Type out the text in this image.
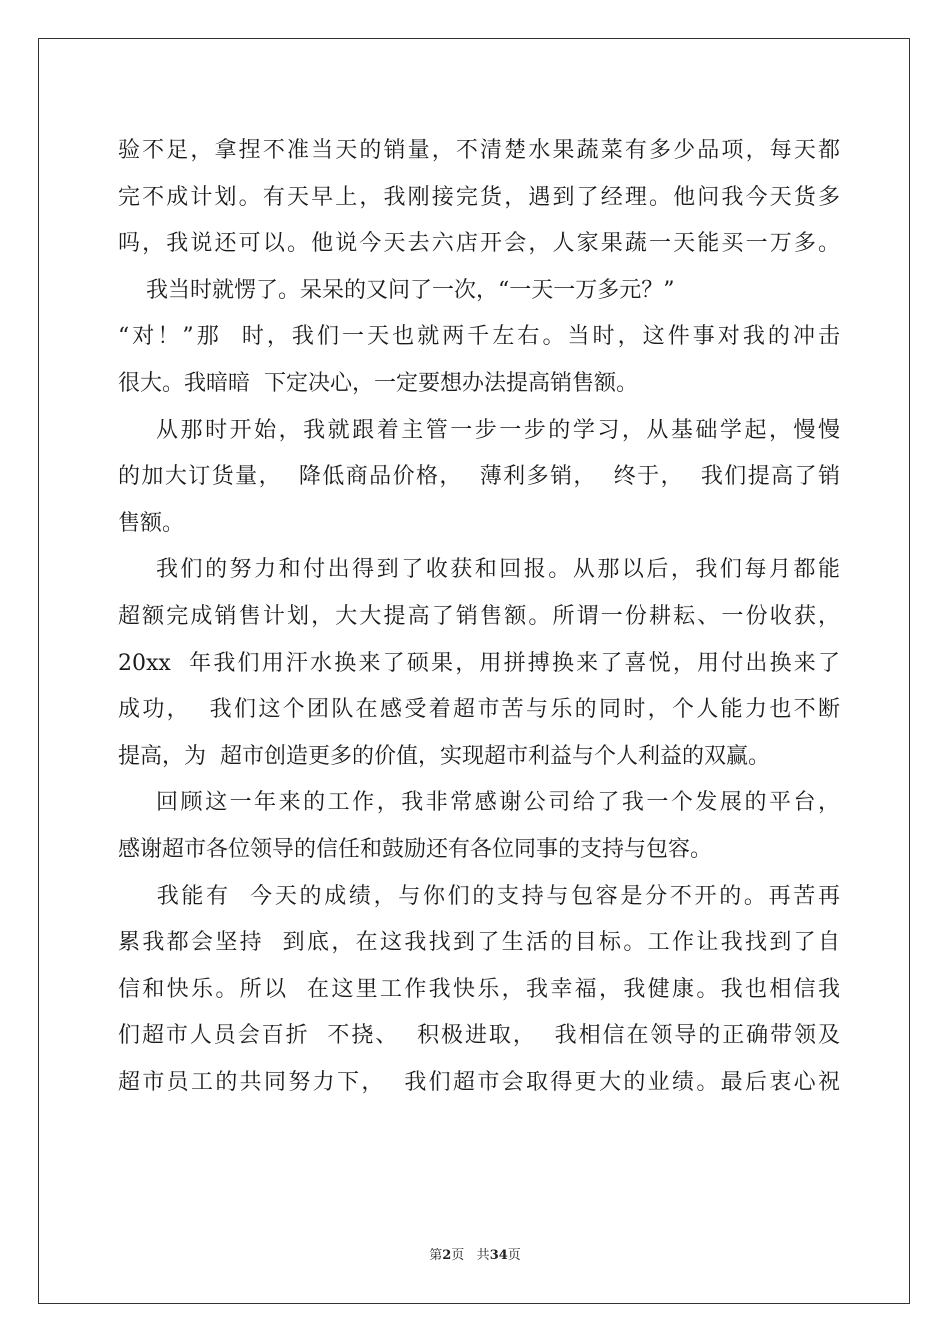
验不足，拿捏不准当天的销量，不清楚水果蔬菜有多少品项，每天都
完不成计划。有天早上，我刚接完货，遇到了经理。他问我今天货多
吗，我说还可以。他说今天去六店开会，人家果蔬一天能买一万多。
我当时就愣了。呆呆的又问了一次，“一天一万多元？”
“对！”那  时，我们一天也就两千左右。当时，这件事对我的冲击
很大。我暗暗  下定决心，一定要想办法提高销售额。
从那时开始，我就跟着主管一步一步的学习，从基础学起，慢慢
的加大订货量，  降低商品价格，  薄利多销，  终于，  我们提高了销
售额。
我们的努力和付出得到了收获和回报。从那以后，我们每月都能
超额完成销售计划，大大提高了销售额。所谓一份耕耘、一份收获，
20xx  年我们用汗水换来了硕果，用拼搏换来了喜悦，用付出换来了
成功，  我们这个团队在感受着超市苦与乐的同时，个人能力也不断
提高，为  超市创造更多的价值，实现超市利益与个人利益的双赢。
回顾这一年来的工作，我非常感谢公司给了我一个发展的平台，
感谢超市各位领导的信任和鼓励还有各位同事的支持与包容。
我能有  今天的成绩，与你们的支持与包容是分不开的。再苦再
累我都会坚持  到底，在这我找到了生活的目标。工作让我找到了自
信和快乐。所以  在这里工作我快乐，我幸福，我健康。我也相信我
们超市人员会百折  不挠、  积极进取，  我相信在领导的正确带领及
超市员工的共同努力下，  我们超市会取得更大的业绩。最后衷心祝
第2页 共34页
